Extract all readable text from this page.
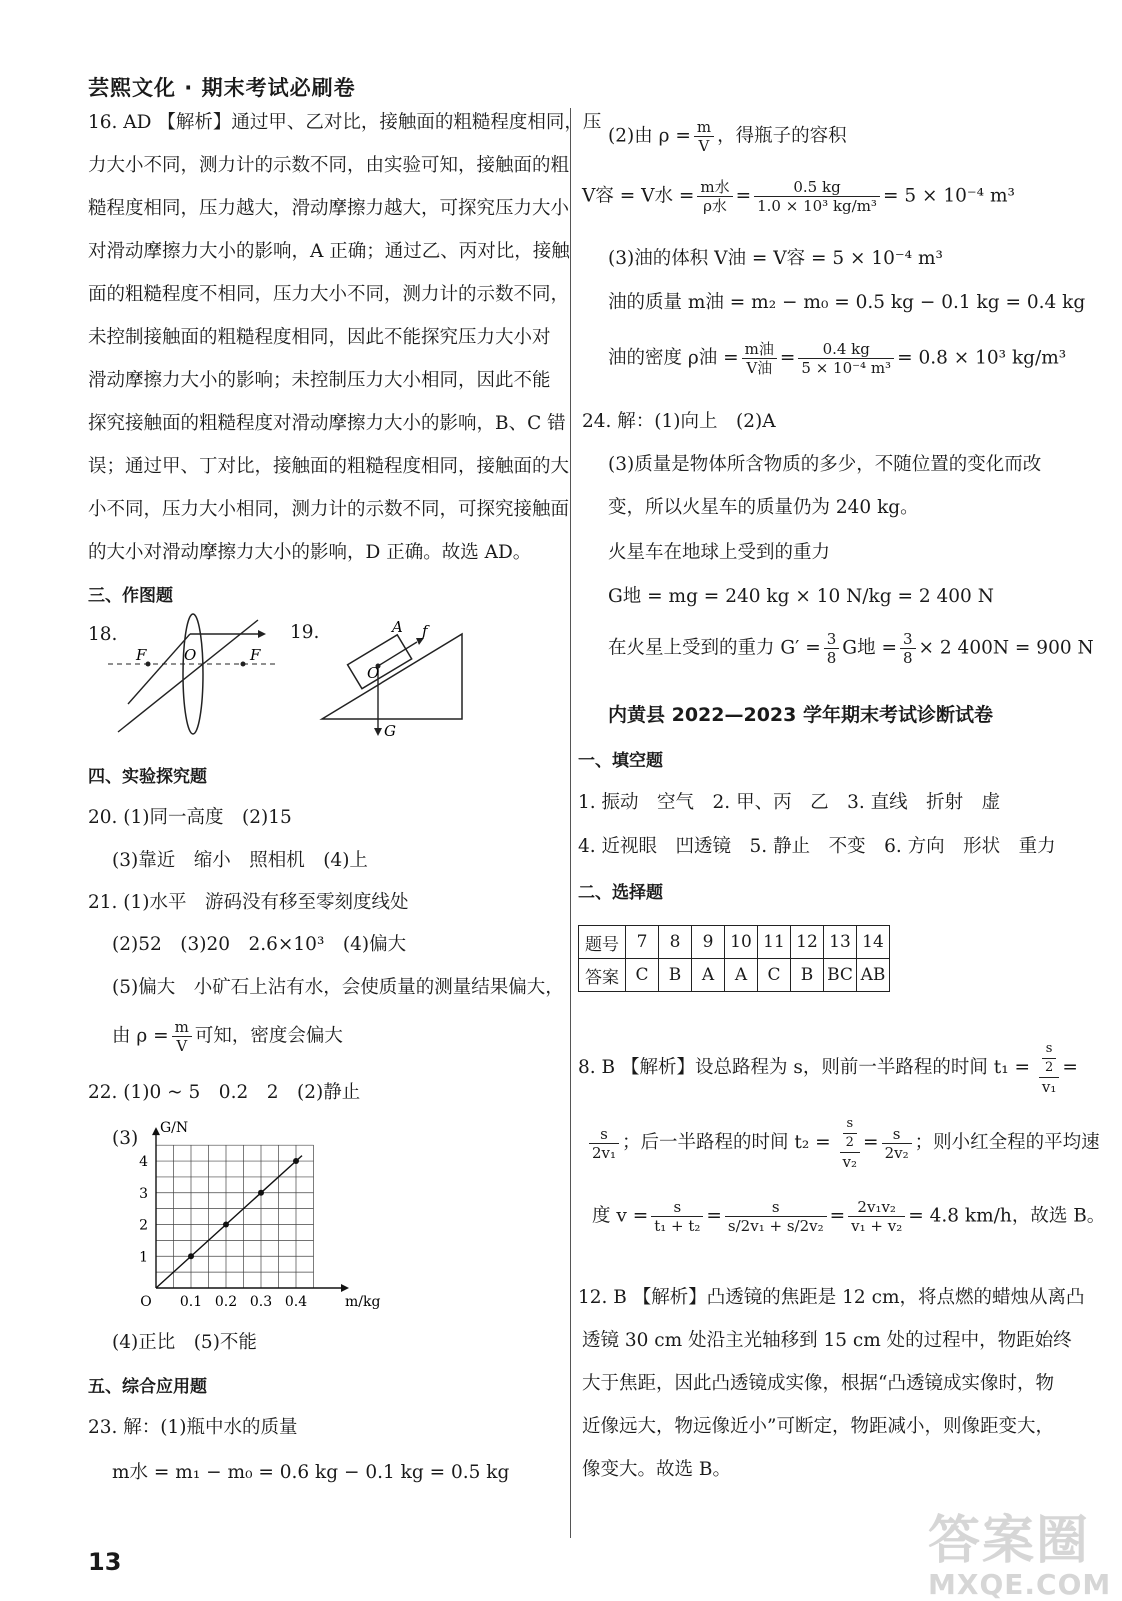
芸熙文化 · 期末考试必刷卷
16. AD 【解析】通过甲、乙对比，接触面的粗糙程度相同，压
力大小不同，测力计的示数不同，由实验可知，接触面的粗
糙程度相同，压力越大，滑动摩擦力越大，可探究压力大小
对滑动摩擦力大小的影响，A 正确；通过乙、丙对比，接触
面的粗糙程度不相同，压力大小不同，测力计的示数不同，
未控制接触面的粗糙程度相同，因此不能探究压力大小对
滑动摩擦力大小的影响；未控制压力大小相同，因此不能
探究接触面的粗糙程度对滑动摩擦力大小的影响，B、C 错
误；通过甲、丁对比，接触面的粗糙程度相同，接触面的大
小不同，压力大小相同，测力计的示数不同，可探究接触面
的大小对滑动摩擦力大小的影响，D 正确。故选 AD。
三、作图题
18.
F	O	F
19.	A f
O
G
四、实验探究题
20. (1)同一高度　(2)15
(3)靠近　缩小　照相机　(4)上
21. (1)水平　游码没有移至零刻度线处
(2)52　(3)20　2.6×10³　(4)偏大
(5)偏大　小矿石上沾有水，会使质量的测量结果偏大，
由 $\rho = \frac{m}{V}$ 可知，密度会偏大
22. (1)0 ~ 5　0.2　2　(2)静止
(3)
1
2
3
4
0.1 0.2 0.3 0.4
O
G/N
m/kg
(4)正比　(5)不能
五、综合应用题
23. 解：(1)瓶中水的质量
m水 = m₁ − m₀ = 0.6 kg − 0.1 kg = 0.5 kg
(2)由 $\rho = \frac{m}{V}$ ，得瓶子的容积
V容 = V水 = $\frac{\text{m水}}{\text{ρ水}} = \frac{0.5 kg}{\text{1.0 × 10³ kg/m³}} = 5 \times 10^{-4}$ m³
(3)油的体积 V油 = V容 = 5 × 10⁻⁴ m³
油的质量 m油 = m₂ − m₀ = 0.5 kg − 0.1 kg = 0.4 kg
油的密度 ρ油 = $\frac{\text{m油}}{\text{V油}} = \frac{0.4 kg}{\text{5 × 10⁻⁴ m³}} = 0.8 \times 10^3$ kg/m³
24. 解：(1)向上　(2)A
(3)质量是物体所含物质的多少，不随位置的变化而改
变，所以火星车的质量仍为 240 kg。
火星车在地球上受到的重力
G地 = mg = 240 kg × 10 N/kg = 2 400 N
在火星上受到的重力 $G' = \frac{3}{8}$ G地 = $\frac{3}{8} \times 2$ 400N = 900 N
内黄县 2022—2023 学年期末考试诊断试卷
一、填空题
1. 振动　空气　2. 甲、丙　乙　3. 直线　折射　虚
4. 近视眼　凹透镜　5. 静止　不变　6. 方向　形状　重力
二、选择题
题号	7	8	9	10	11	12	13	14
答案	C	B	A	A	C	B	BC	AB
8. B 【解析】设总路程为 s，则前一半路程的时间 $t_1 = \frac{\frac{s}{2}}{\text{v₁}}$ =
$\frac{s}{\text{2v₁}}$ ；后一半路程的时间 $t_2 = \frac{\frac{s}{2}}{\text{v₂}} = \frac{s}{\text{2v₂}}$ ；则小红全程的平均速
度 $v = \frac{s}{\text{t₁ + t₂}} = \frac{s}{\text{s/2v₁ + s/2v₂}} = \frac{\text{2v₁v₂}}{\text{v₁ + v₂}} = 4.8$ km/h，故选 B。
12. B 【解析】凸透镜的焦距是 12 cm，将点燃的蜡烛从离凸
透镜 30 cm 处沿主光轴移到 15 cm 处的过程中，物距始终
大于焦距，因此凸透镜成实像，根据“凸透镜成实像时，物
近像远大，物远像近小”可断定，物距减小，则像距变大，
像变大。故选 B。
13	答案圈
MXQE.COM
